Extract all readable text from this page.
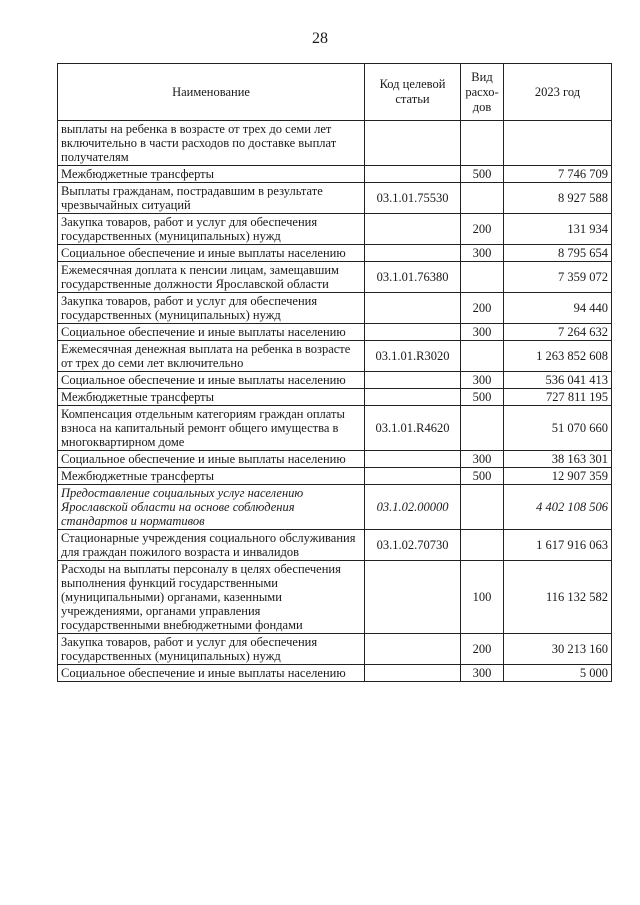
28
Наименование	Код целевой статьи	Вид расхо-дов	2023 год
выплаты на ребенка в возрасте от трех до семи лет включительно в части расходов по доставке выплат получателям			
Межбюджетные трансферты		500	7 746 709
Выплаты гражданам, пострадавшим в результате чрезвычайных ситуаций	03.1.01.75530		8 927 588
Закупка товаров, работ и услуг для обеспечения государственных (муниципальных) нужд		200	131 934
Социальное обеспечение и иные выплаты населению		300	8 795 654
Ежемесячная доплата к пенсии лицам, замещавшим государственные должности Ярославской области	03.1.01.76380		7 359 072
Закупка товаров, работ и услуг для обеспечения государственных (муниципальных) нужд		200	94 440
Социальное обеспечение и иные выплаты населению		300	7 264 632
Ежемесячная денежная выплата на ребенка в возрасте от трех до семи лет включительно	03.1.01.R3020		1 263 852 608
Социальное обеспечение и иные выплаты населению		300	536 041 413
Межбюджетные трансферты		500	727 811 195
Компенсация отдельным категориям граждан оплаты взноса на капитальный ремонт общего имущества в многоквартирном доме	03.1.01.R4620		51 070 660
Социальное обеспечение и иные выплаты населению		300	38 163 301
Межбюджетные трансферты		500	12 907 359
Предоставление социальных услуг населению Ярославской области на основе соблюдения стандартов и нормативов	03.1.02.00000		4 402 108 506
Стационарные учреждения социального обслуживания для граждан пожилого возраста и инвалидов	03.1.02.70730		1 617 916 063
Расходы на выплаты персоналу в целях обеспечения выполнения функций государственными (муниципальными) органами, казенными учреждениями, органами управления государственными внебюджетными фондами		100	116 132 582
Закупка товаров, работ и услуг для обеспечения государственных (муниципальных) нужд		200	30 213 160
Социальное обеспечение и иные выплаты населению		300	5 000
